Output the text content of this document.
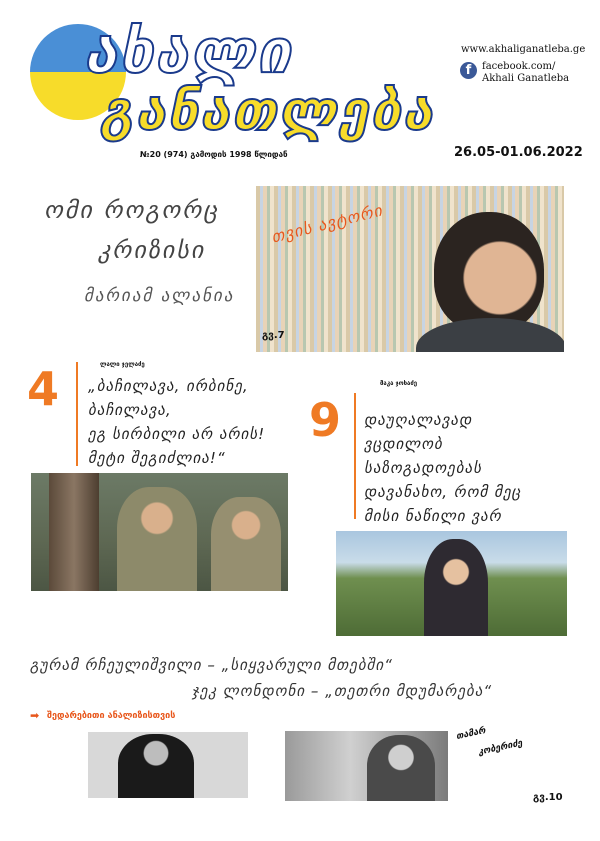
ახალი
განათლება
www.akhaliganatleba.ge
f	facebook.com/
Akhali Ganatleba
№20 (974) გამოდის 1998 წლიდან	26.05-01.06.2022
ომი როგორც
კრიზისი
მარიამ ალანია
თვის ავტორი
გვ.7
4	ლალი ჯელაძე
„ბაჩილავა, ირბინე,
ბაჩილავა,
ეგ სირბილი არ არის!
მეტი შეგიძლია!“
9
მაკა ჯოხაძე
დაუღალავად
ვცდილობ
საზოგადოებას
დავანახო, რომ მეც
მისი ნაწილი ვარ
გურამ რჩეულიშვილი – „სიყვარული მთებში“
ჯეკ ლონდონი – „თეთრი მდუმარება“
➡ შედარებითი ანალიზისთვის
თამარ
კობერიძე
გვ.10
